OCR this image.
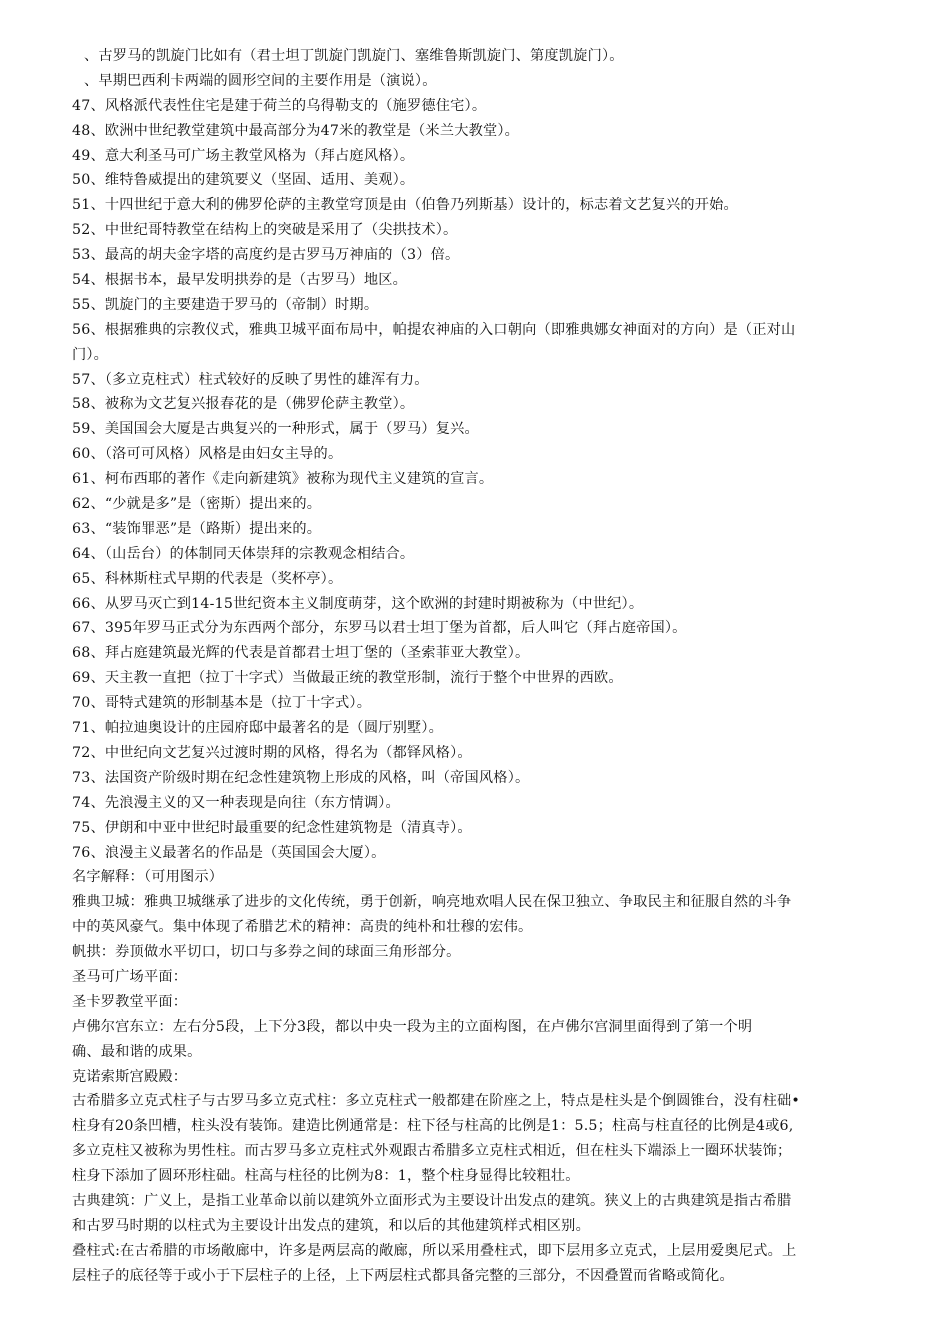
、古罗马的凯旋门比如有（君士坦丁凯旋门凯旋门、塞维鲁斯凯旋门、第度凯旋门）。
、早期巴西利卡两端的圆形空间的主要作用是（演说）。
47、风格派代表性住宅是建于荷兰的乌得勒支的（施罗德住宅）。
48、欧洲中世纪教堂建筑中最高部分为47米的教堂是（米兰大教堂）。
49、意大利圣马可广场主教堂风格为（拜占庭风格）。
50、维特鲁威提出的建筑要义（坚固、适用、美观）。
51、十四世纪于意大利的佛罗伦萨的主教堂穹顶是由（伯鲁乃列斯基）设计的，标志着文艺复兴的开始。
52、中世纪哥特教堂在结构上的突破是采用了（尖拱技术）。
53、最高的胡夫金字塔的高度约是古罗马万神庙的（3）倍。
54、根据书本，最早发明拱券的是（古罗马）地区。
55、凯旋门的主要建造于罗马的（帝制）时期。
56、根据雅典的宗教仪式，雅典卫城平面布局中，帕提农神庙的入口朝向（即雅典娜女神面对的方向）是（正对山
门）。
57、（多立克柱式）柱式较好的反映了男性的雄浑有力。
58、被称为文艺复兴报春花的是（佛罗伦萨主教堂）。
59、美国国会大厦是古典复兴的一种形式，属于（罗马）复兴。
60、（洛可可风格）风格是由妇女主导的。
61、柯布西耶的著作《走向新建筑》被称为现代主义建筑的宣言。
62、“少就是多”是（密斯）提出来的。
63、“装饰罪恶”是（路斯）提出来的。
64、（山岳台）的体制同天体崇拜的宗教观念相结合。
65、科林斯柱式早期的代表是（奖杯亭）。
66、从罗马灭亡到14-15世纪资本主义制度萌芽，这个欧洲的封建时期被称为（中世纪）。
67、395年罗马正式分为东西两个部分，东罗马以君士坦丁堡为首都，后人叫它（拜占庭帝国）。
68、拜占庭建筑最光辉的代表是首都君士坦丁堡的（圣索菲亚大教堂）。
69、天主教一直把（拉丁十字式）当做最正统的教堂形制，流行于整个中世界的西欧。
70、哥特式建筑的形制基本是（拉丁十字式）。
71、帕拉迪奥设计的庄园府邸中最著名的是（圆厅别墅）。
72、中世纪向文艺复兴过渡时期的风格，得名为（都铎风格）。
73、法国资产阶级时期在纪念性建筑物上形成的风格，叫（帝国风格）。
74、先浪漫主义的又一种表现是向往（东方情调）。
75、伊朗和中亚中世纪时最重要的纪念性建筑物是（清真寺）。
76、浪漫主义最著名的作品是（英国国会大厦）。
名字解释：（可用图示）
雅典卫城：雅典卫城继承了进步的文化传统，勇于创新，响亮地欢唱人民在保卫独立、争取民主和征服自然的斗争
中的英风豪气。集中体现了希腊艺术的精神：高贵的纯朴和壮穆的宏伟。
帆拱：券顶做水平切口，切口与多券之间的球面三角形部分。
圣马可广场平面：
圣卡罗教堂平面：
卢佛尔宫东立：左右分5段，上下分3段，都以中央一段为主的立面构图，在卢佛尔宫洞里面得到了第一个明
确、最和谐的成果。
克诺索斯宫殿殿：
古希腊多立克式柱子与古罗马多立克式柱：多立克柱式一般都建在阶座之上，特点是柱头是个倒圆锥台，没有柱础•
柱身有20条凹槽，柱头没有装饰。建造比例通常是：柱下径与柱高的比例是1：5.5；柱高与柱直径的比例是4或6,
多立克柱又被称为男性柱。而古罗马多立克柱式外观跟古希腊多立克柱式相近，但在柱头下端添上一圈环状装饰；
柱身下添加了圆环形柱础。柱高与柱径的比例为8：1，整个柱身显得比较粗壮。
古典建筑：广义上，是指工业革命以前以建筑外立面形式为主要设计出发点的建筑。狭义上的古典建筑是指古希腊
和古罗马时期的以柱式为主要设计出发点的建筑，和以后的其他建筑样式相区别。
叠柱式:在古希腊的市场敞廊中，许多是两层高的敞廊，所以采用叠柱式，即下层用多立克式，上层用爱奥尼式。上
层柱子的底径等于或小于下层柱子的上径，上下两层柱式都具备完整的三部分，不因叠置而省略或简化。
